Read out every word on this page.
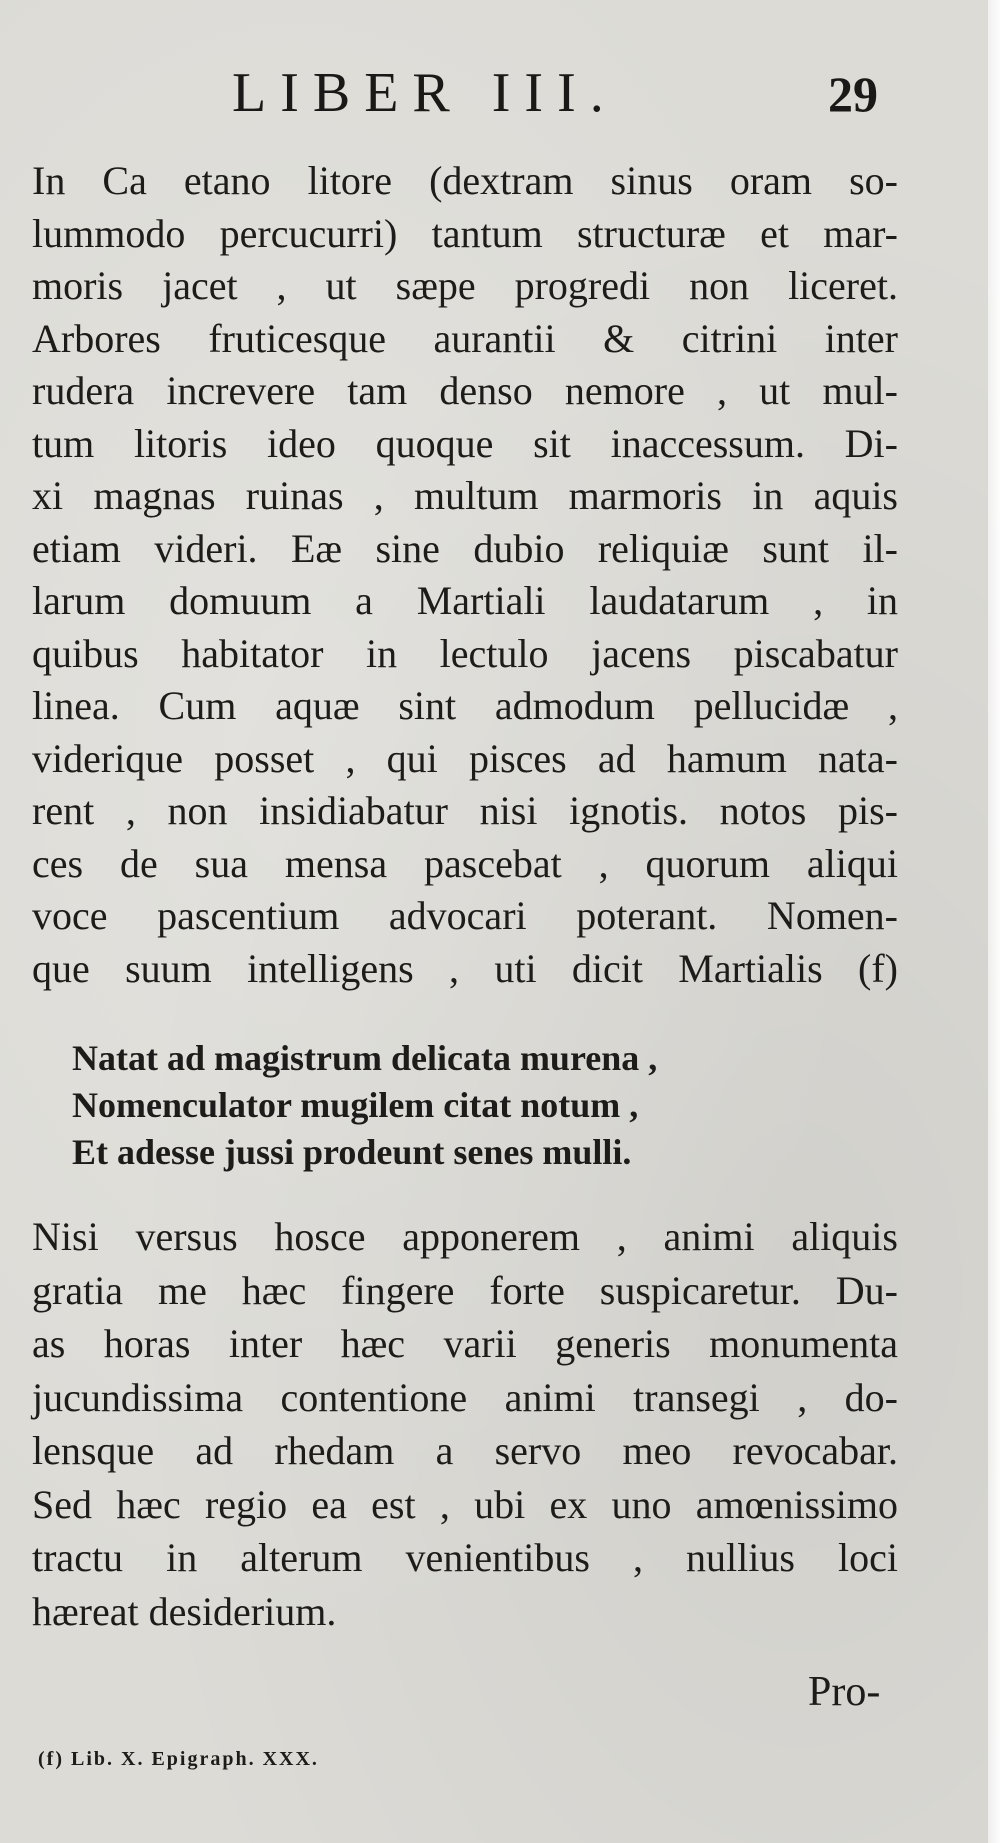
LIBER III.	29
In Ca etano litore (dextram sinus oram so-
lummodo percucurri) tantum structuræ et mar-
moris jacet , ut sæpe progredi non liceret.
Arbores fruticesque aurantii & citrini inter
rudera increvere tam denso nemore , ut mul-
tum litoris ideo quoque sit inaccessum. Di-
xi magnas ruinas , multum marmoris in aquis
etiam videri. Eæ sine dubio reliquiæ sunt il-
larum domuum a Martiali laudatarum , in
quibus habitator in lectulo jacens piscabatur
linea. Cum aquæ sint admodum pellucidæ ,
viderique posset , qui pisces ad hamum nata-
rent , non insidiabatur nisi ignotis. notos pis-
ces de sua mensa pascebat , quorum aliqui
voce pascentium advocari poterant. Nomen-
que suum intelligens , uti dicit Martialis (f)
Natat ad magistrum delicata murena ,
Nomenculator mugilem citat notum ,
Et adesse jussi prodeunt senes mulli.
Nisi versus hosce apponerem , animi aliquis
gratia me hæc fingere forte suspicaretur. Du-
as horas inter hæc varii generis monumenta
jucundissima contentione animi transegi , do-
lensque ad rhedam a servo meo revocabar.
Sed hæc regio ea est , ubi ex uno amœnissimo
tractu in alterum venientibus , nullius loci
hæreat desiderium.
Pro-
(f) Lib. X. Epigraph. XXX.
